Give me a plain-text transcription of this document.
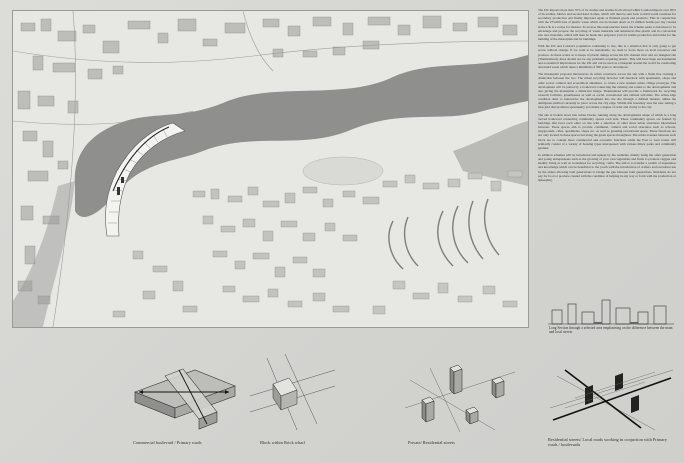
The UK imports more than 70% of its clothes and textiles from abroad whilst London imports over 60% of its textiles, fabrics and second hand clothes, which will then be sent back to third world countries for secondary production and finally imported again as finished goods and products. This in conjunction with the 275,000 tons of plastic waste which can be broken down as 15 million bottles per day created in the UK is a recipe for disaster. To reverse this unproductive trend, the scheme seeks to introduce to its advantage and propose the recycling of waste materials and substances like plastic and its conversion into new materials, which will then be made into polyester yarn for textile production and bricks for the building of the masterplan and its buildings.

With the UK and London's population continuing to rise, this is a situation that is only going to get worse without change. If we want to be sustainable, we need to focus more on local resources and produce. At these scales as to heaps of plastic dumps across the UK channel river and we designed site (Thamesmead), there should not be any problems acquiring plastic. This will have huge environmental and economical implications for the UK and can be used as a blueprint around the world for eradicating unwanted waste which takes a minimum of 500 years to decompose.

The masterplan proposal interweaves its urban constructs across the site with a finite line creating a distinction between the two. The urban recycling factories will interlock with apartments, shops and other social, cultural and economical amenities, to create a new modern urban village prototype. The development will be parted by a boulevard connecting the existing site routes to the developments and also giving the masterplan a distinctive image. Thamesmead will provide a framework for recycling research facilities, greenhouses as well as social, recreational and cultural activities. The urban edge condition aims to interweave the development into the site through a defined manner, unlike the ambiguous method currently in place across the city edge. Within this boundary area the new setting a base grid that promotes spontaneity yet retains a degree of order and clarity to the city.

The site is broken down into urban blocks, running along the developments shape of which is a long curved boulevard connecting community spaces each side. These community spaces are framed by buildings that faces each other on site with a selection of other more urban structures intertwined between. These spaces aim to provide communal, cultural and social structures such as schools, playgrounds, cafes, apartments, shops etc. as well as greening recreational space. These functions are not only located in these spaces but along the green spaces throughout. The urban avenues between each block are to contain more commercial and economic functions while the East to west routes will primarily consist of a variety of housing types interspersed with various minor parks and community gardens.

In addition schemes will be introduced and upkept by the residents, mainly being the older generation and young entrepreneurs such as the growing of your own vegetables and fruits to promote veggies and healthy living as well as workshops for recycling, crafts. The aim is to transfer a wealth of experience and knowledge which can be beneficial to the youth with the introduction of crafters and recreation use by the elders allowing both generations to bridge the gap between both generations. Residents do not pay for food or produce created with the condition of helping in any way or form with the production or upkeeping.

Long Section through a selected area emphasising on the difference between the main and local streets
Commercial boulevard / Primary roads	Block within Brick wharf	Private/ Residential streets
Residential streets/ Local roads working in conjuction with Primary roads / boulevards
